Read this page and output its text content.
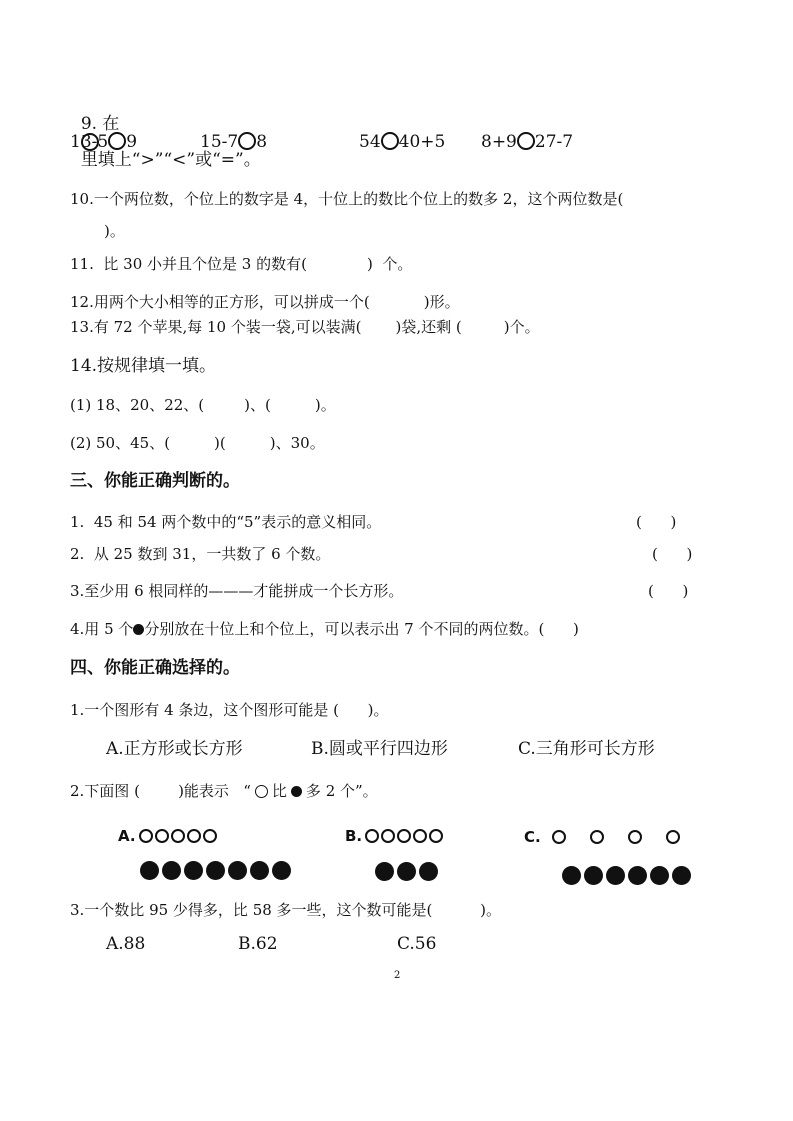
9. 在

里填上“>”“<”或“=”。

13-5 9	15-7 8	54 40+5 8+9 27-7
10.一个两位数，个位上的数字是 4，十位上的数比个位上的数多 2，这个两位数是(
)。
11.  比 30 小并且个位是 3 的数有(	)  个。
12.用两个大小相等的正方形，可以拼成一个(	)形。
13.有 72 个苹果,每 10 个装一袋,可以装满( )袋,还剩 (	)个。
14.按规律填一填。
(1) 18、20、22、(	)、(	)。
(2) 50、45、(	)(	)、30。
三、你能正确判断的。
1.  45 和 54 两个数中的“5”表示的意义相同。	(      )
2.  从 25 数到 31，一共数了 6 个数。	(      )
3.至少用 6 根同样的———才能拼成一个长方形。	(      )
4.用 5 个 分别放在十位上和个位上，可以表示出 7 个不同的两位数。(      )
四、你能正确选择的。
1.一个图形有 4 条边，这个图形可能是 (      )。
A.正方形或长方形	B.圆或平行四边形	C.三角形可长方形
2.下面图 (        )能表示   “ 比 多 2 个”。
A.	B.	C.
3.一个数比 95 少得多，比 58 多一些，这个数可能是(          )。
A.88	B.62	C.56
2
